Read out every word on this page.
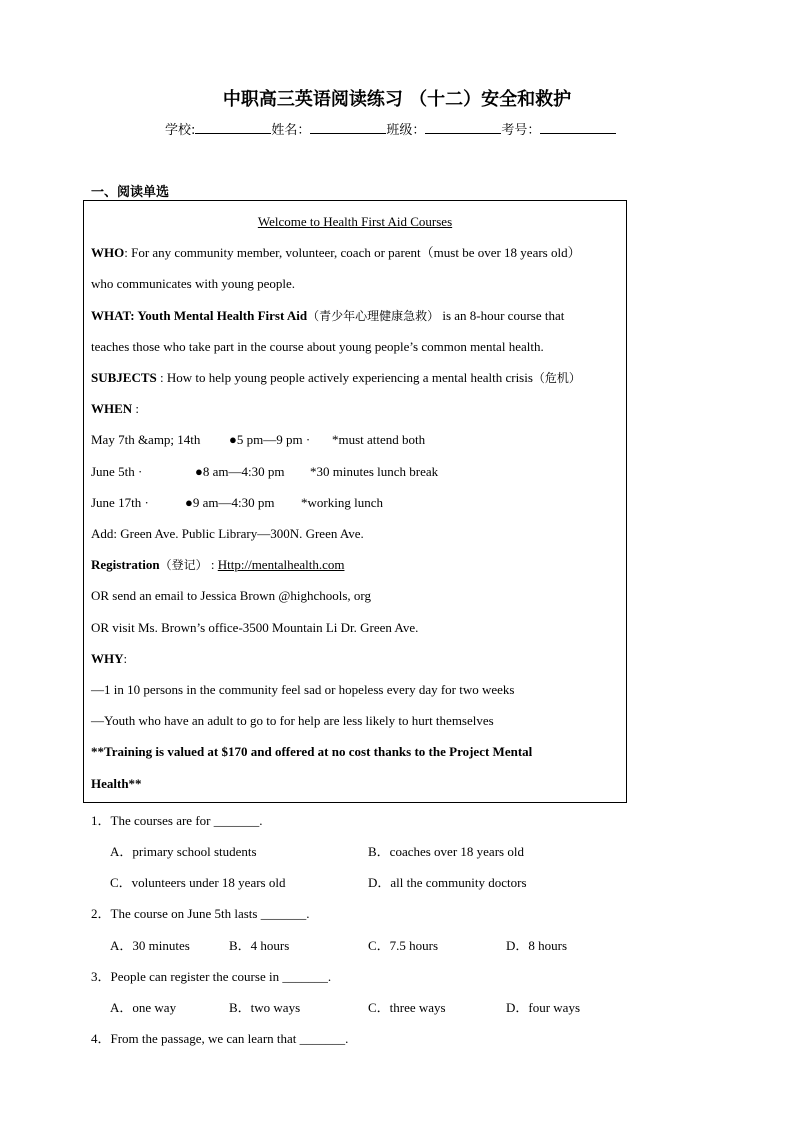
中职高三英语阅读练习 （十二）安全和救护
学校:	姓名：	班级：	考号：
一、阅读单选
Welcome to Health First Aid Courses
WHO: For any community member, volunteer, coach or parent（must be over 18 years old）
who communicates with young people.
WHAT: Youth Mental Health First Aid（青少年心理健康急救） is an 8-hour course that
teaches those who take part in the course about young people’s common mental health.
SUBJECTS : How to help young people actively experiencing a mental health crisis（危机）
WHEN :
May 7th &amp; 14th ●5 pm—9 pm · *must attend both
June 5th ·	●8 am—4:30 pm *30 minutes lunch break
June 17th ·	●9 am—4:30 pm *working lunch
Add: Green Ave. Public Library—300N. Green Ave.
Registration（登记） : Http://mentalhealth.com
OR send an email to Jessica Brown @highchools, org
OR visit Ms. Brown’s office-3500 Mountain Li Dr. Green Ave.
WHY:
—1 in 10 persons in the community feel sad or hopeless every day for two weeks
—Youth who have an adult to go to for help are less likely to hurt themselves
**Training is valued at $170 and offered at no cost thanks to the Project Mental
Health**
1．The courses are for _______.
A．primary school students	B．coaches over 18 years old
C．volunteers under 18 years old	D．all the community doctors
2．The course on June 5th lasts _______.
A．30 minutes	B．4 hours	C．7.5 hours	D．8 hours
3．People can register the course in _______.
A．one way	B．two ways	C．three ways	D．four ways
4．From the passage, we can learn that _______.
